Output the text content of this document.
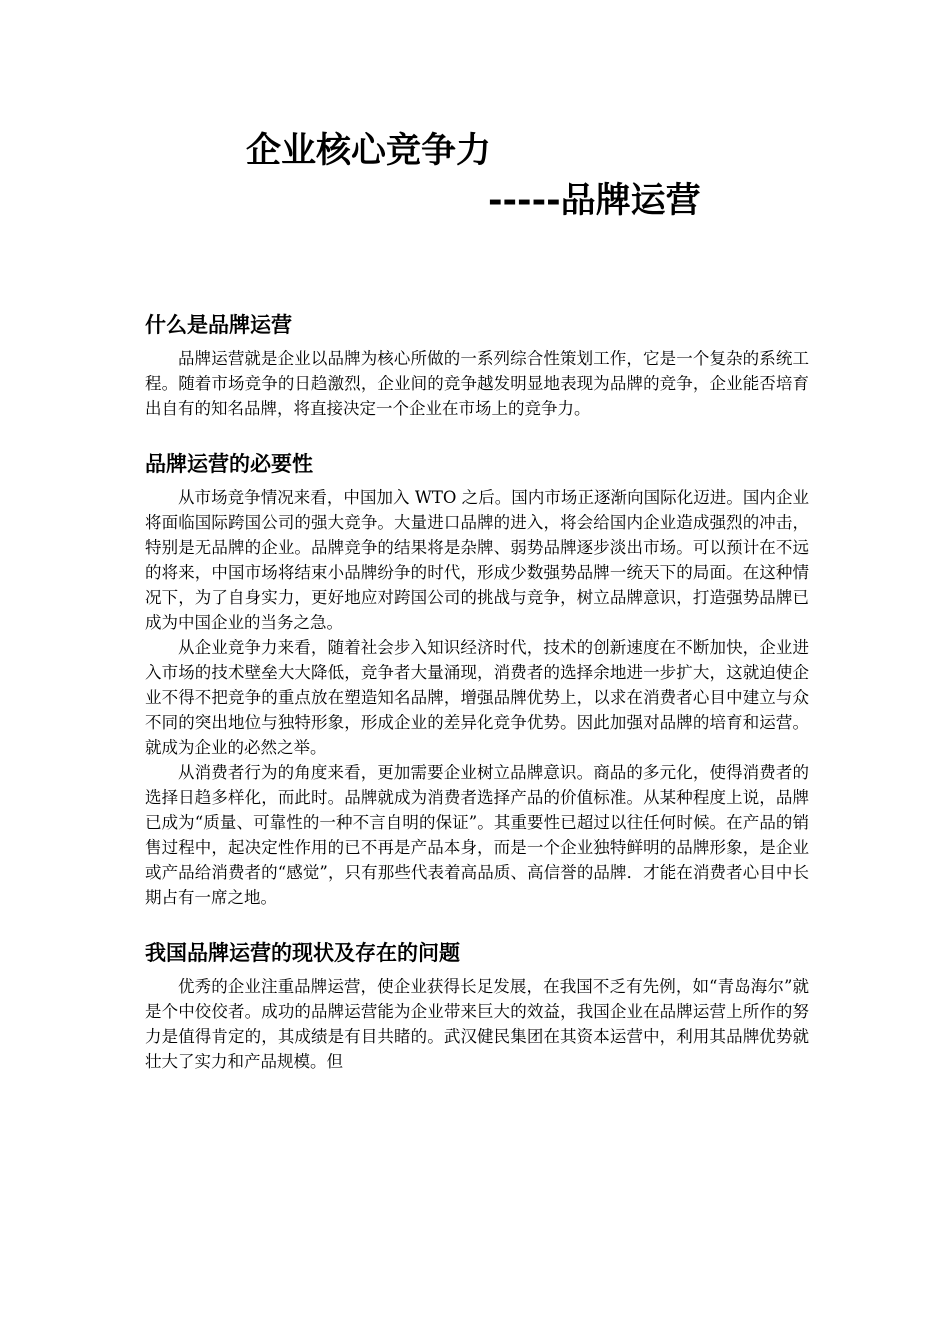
企业核心竞争力
-----品牌运营
什么是品牌运营

品牌运营就是企业以品牌为核心所做的一系列综合性策划工作，它是一个复杂的系统工程。随着市场竞争的日趋激烈，企业间的竞争越发明显地表现为品牌的竞争，企业能否培育出自有的知名品牌，将直接决定一个企业在市场上的竞争力。

品牌运营的必要性

从市场竞争情况来看，中国加入 WTO 之后。国内市场正逐渐向国际化迈进。国内企业将面临国际跨国公司的强大竞争。大量进口品牌的进入，将会给国内企业造成强烈的冲击，特别是无品牌的企业。品牌竞争的结果将是杂牌、弱势品牌逐步淡出市场。可以预计在不远的将来，中国市场将结束小品牌纷争的时代，形成少数强势品牌一统天下的局面。在这种情况下，为了自身实力，更好地应对跨国公司的挑战与竞争，树立品牌意识，打造强势品牌已成为中国企业的当务之急。

从企业竞争力来看，随着社会步入知识经济时代，技术的创新速度在不断加快，企业进入市场的技术壁垒大大降低，竞争者大量涌现，消费者的选择余地进一步扩大，这就迫使企业不得不把竞争的重点放在塑造知名品牌，增强品牌优势上，以求在消费者心目中建立与众不同的突出地位与独特形象，形成企业的差异化竞争优势。因此加强对品牌的培育和运营。就成为企业的必然之举。

从消费者行为的角度来看，更加需要企业树立品牌意识。商品的多元化，使得消费者的选择日趋多样化，而此时。品牌就成为消费者选择产品的价值标准。从某种程度上说，品牌已成为“质量、可靠性的一种不言自明的保证”。其重要性已超过以往任何时候。在产品的销售过程中，起决定性作用的已不再是产品本身，而是一个企业独特鲜明的品牌形象，是企业或产品给消费者的“感觉”，只有那些代表着高品质、高信誉的品牌．才能在消费者心目中长期占有一席之地。

我国品牌运营的现状及存在的问题

优秀的企业注重品牌运营，使企业获得长足发展，在我国不乏有先例，如“青岛海尔”就是个中佼佼者。成功的品牌运营能为企业带来巨大的效益，我国企业在品牌运营上所作的努力是值得肯定的，其成绩是有目共睹的。武汉健民集团在其资本运营中，利用其品牌优势就壮大了实力和产品规模。但
